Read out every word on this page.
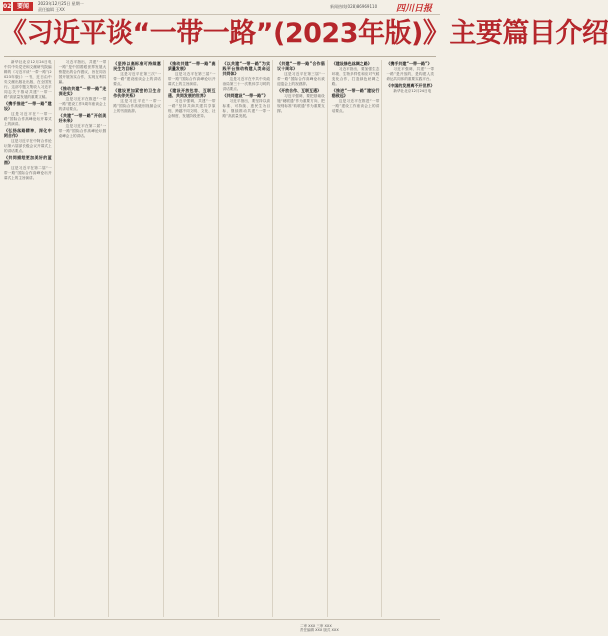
02 要闻	2023年12月25日 星期一
责任编辑 王XX
新闻热线(028)86969110 四川日报
《习近平谈“一带一路”(2023年版)》主要篇目介绍

新华社北京12月24日电 中共中央党史和文献研究院编辑的《习近平谈“一带一路”(2023年版)》一书，近日由中央文献出版社出版，在全国发行。这部专题文集收入习近平同志关于推动共建“一带一路”高质量发展的重要文稿。

《携手推进“一带一路”建设》

这是习近平在“一带一路”国际合作高峰论坛开幕式上的演讲。

《弘扬丝路精神，深化中阿合作》

这是习近平在中阿合作论坛第六届部长级会议开幕式上的讲话要点。

《共同描绘更加美好的蓝图》

这是习近平在第二届“一带一路”国际合作高峰论坛开幕式上的主旨演讲。

习近平指出，共建“一带一路”是中国着眼世界发展大势提出的合作倡议，旨在同各国开展务实合作，实现互利共赢。

《推动共建“一带一路”走深走实》

这是习近平在推进“一带一路”建设工作5周年座谈会上的讲话要点。

《共建“一带一路”开创美好未来》

这是习近平在第二届“一带一路”国际合作高峰论坛圆桌峰会上的讲话。

《坚持以高标准可持续惠民生为目标》

这是习近平在第三次“一带一路”建设座谈会上的讲话要点。

《建设更加紧密的卫生合作伙伴关系》

这是习近平在“一带一路”国际合作高级别视频会议上的书面致辞。

《推动共建“一带一路”高质量发展》

这是习近平在第三届“一带一路”国际合作高峰论坛开幕式上的主旨演讲。

《建设开放包容、互联互通、共同发展的世界》

习近平强调，共建“一带一路”坚持共商共建共享原则，跨越不同文明、文化、社会制度、发展阶段差异。

《以共建“一带一路”为实践平台推动构建人类命运共同体》

这是习近平在中共中央政治局第三十一次集体学习时的讲话要点。

《共同建设“一带一路”》

习近平指出，要坚持以高标准、可持续、惠民生为目标，继续推动共建“一带一路”高质量发展。

《共建“一带一路”合作倡议十周年》

这是习近平在第三届“一带一路”国际合作高峰论坛欢迎宴会上的祝酒辞。

《开放合作、互联互通》

习近平强调，要把基础设施“硬联通”作为重要方向，把规则标准“软联通”作为重要支撑。

《建设绿色丝绸之路》

习近平指出，要加强生态环境、生物多样性和应对气候变化合作，打造绿色丝绸之路。

《推进“一带一路”建设行稳致远》

这是习近平在推进“一带一路”建设工作座谈会上的讲话要点。

《携手共建“一带一路”》

习近平强调，共建“一带一路”是开放的，是构建人类命运共同体的重要实践平台。

《中国的发展离不开世界》

新华社北京12月24日电

二审 XXX 三审 XXX
责任编辑 XXX 版式 XXX
